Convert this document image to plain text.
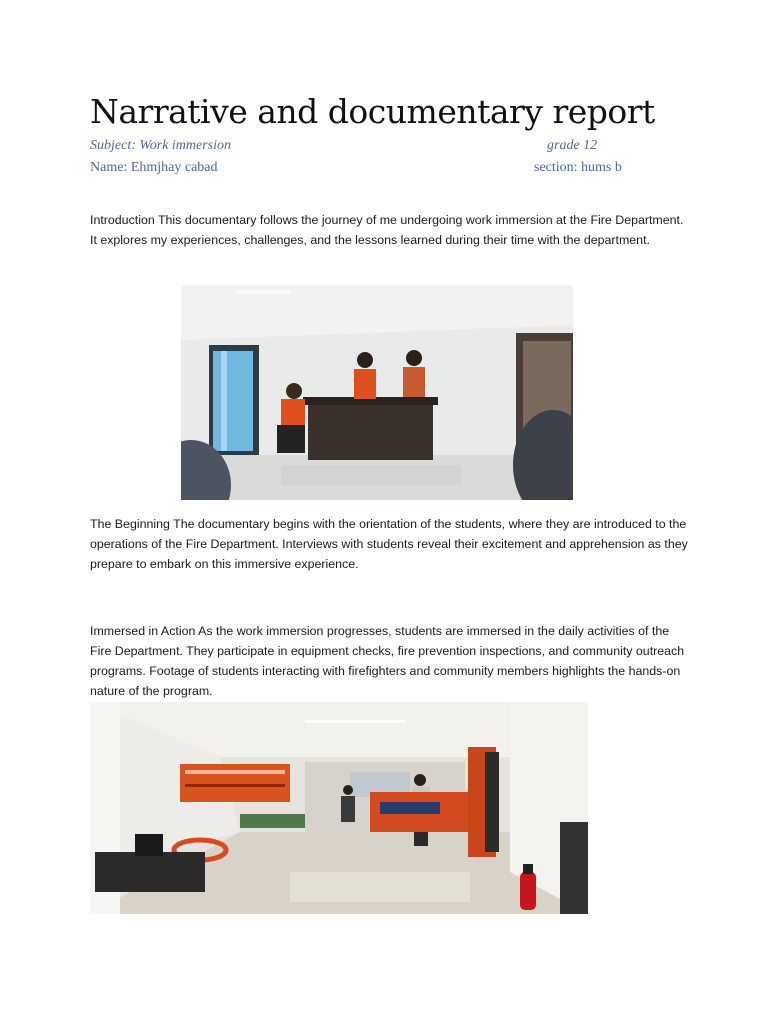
Narrative and documentary report

Subject: Work immersion	grade 12

Name: Ehmjhay cabad	section: hums b

Introduction This documentary follows the journey of me undergoing work immersion at the Fire Department. It explores my experiences, challenges, and the lessons learned during their time with the department.

The Beginning The documentary begins with the orientation of the students, where they are introduced to the operations of the Fire Department. Interviews with students reveal their excitement and apprehension as they prepare to embark on this immersive experience.

Immersed in Action As the work immersion progresses, students are immersed in the daily activities of the Fire Department. They participate in equipment checks, fire prevention inspections, and community outreach programs. Footage of students interacting with firefighters and community members highlights the hands-on nature of the program.
